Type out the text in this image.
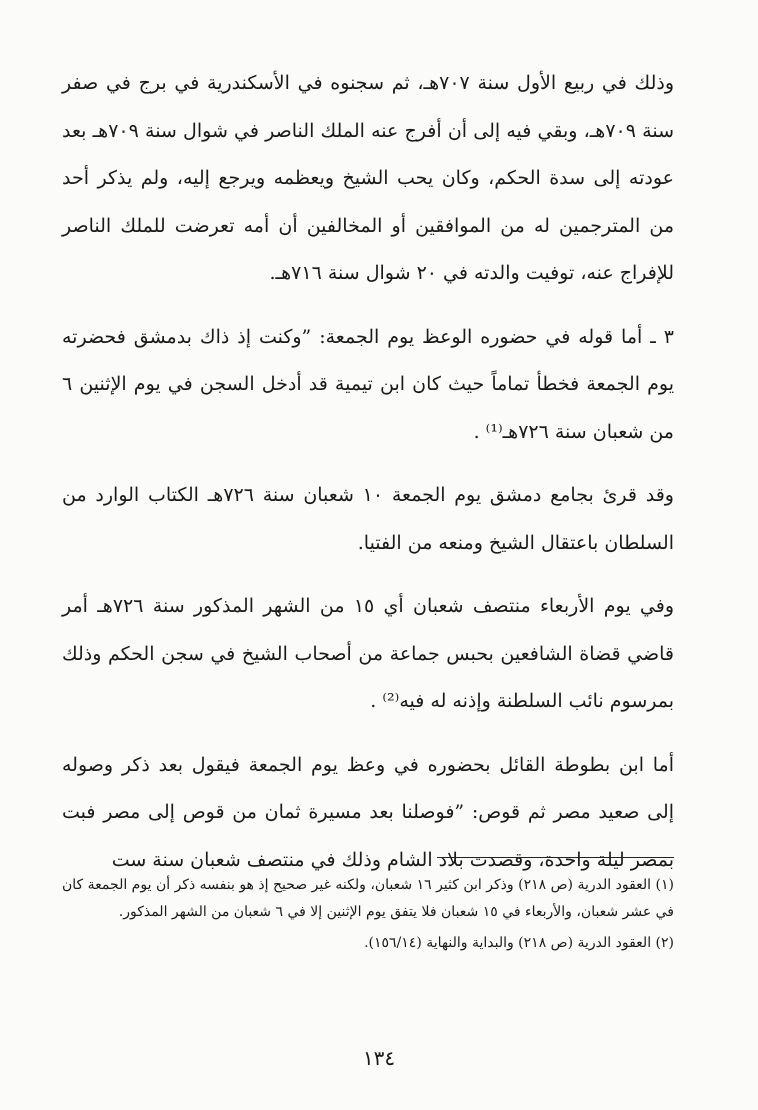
وذلك في ربيع الأول سنة ٧٠٧هـ، ثم سجنوه في الأسكندرية في برج في صفر سنة ٧٠٩هـ، وبقي فيه إلى أن أفرج عنه الملك الناصر في شوال سنة ٧٠٩هـ بعد عودته إلى سدة الحكم، وكان يحب الشيخ ويعظمه ويرجع إليه، ولم يذكر أحد من المترجمين له من الموافقين أو المخالفين أن أمه تعرضت للملك الناصر للإفراج عنه، توفيت والدته في ٢٠ شوال سنة ٧١٦هـ.

٣ ـ أما قوله في حضوره الوعظ يوم الجمعة: ”وكنت إذ ذاك بدمشق فحضرته يوم الجمعة فخطأ تماماً حيث كان ابن تيمية قد أدخل السجن في يوم الإثنين ٦ من شعبان سنة ٧٢٦هـ⁽¹⁾ .

وقد قرئ بجامع دمشق يوم الجمعة ١٠ شعبان سنة ٧٢٦هـ الكتاب الوارد من السلطان باعتقال الشيخ ومنعه من الفتيا.

وفي يوم الأربعاء منتصف شعبان أي ١٥ من الشهر المذكور سنة ٧٢٦هـ أمر قاضي قضاة الشافعين بحبس جماعة من أصحاب الشيخ في سجن الحكم وذلك بمرسوم نائب السلطنة وإذنه له فيه⁽²⁾ .

أما ابن بطوطة القائل بحضوره في وعظ يوم الجمعة فيقول بعد ذكر وصوله إلى صعيد مصر ثم قوص: ”فوصلنا بعد مسيرة ثمان من قوص إلى مصر فبت بمصر ليلة واحدة، وقصدت بلاد الشام وذلك في منتصف شعبان سنة ست

(١) العقود الدرية (ص ٢١٨) وذكر ابن كثير ١٦ شعبان، ولكنه غير صحيح إذ هو بنفسه ذكر أن يوم الجمعة كان في عشر شعبان، والأربعاء في ١٥ شعبان فلا يتفق يوم الإثنين إلا في ٦ شعبان من الشهر المذكور.

(٢) العقود الدرية (ص ٢١٨) والبداية والنهاية (١٥٦/١٤).

١٣٤
